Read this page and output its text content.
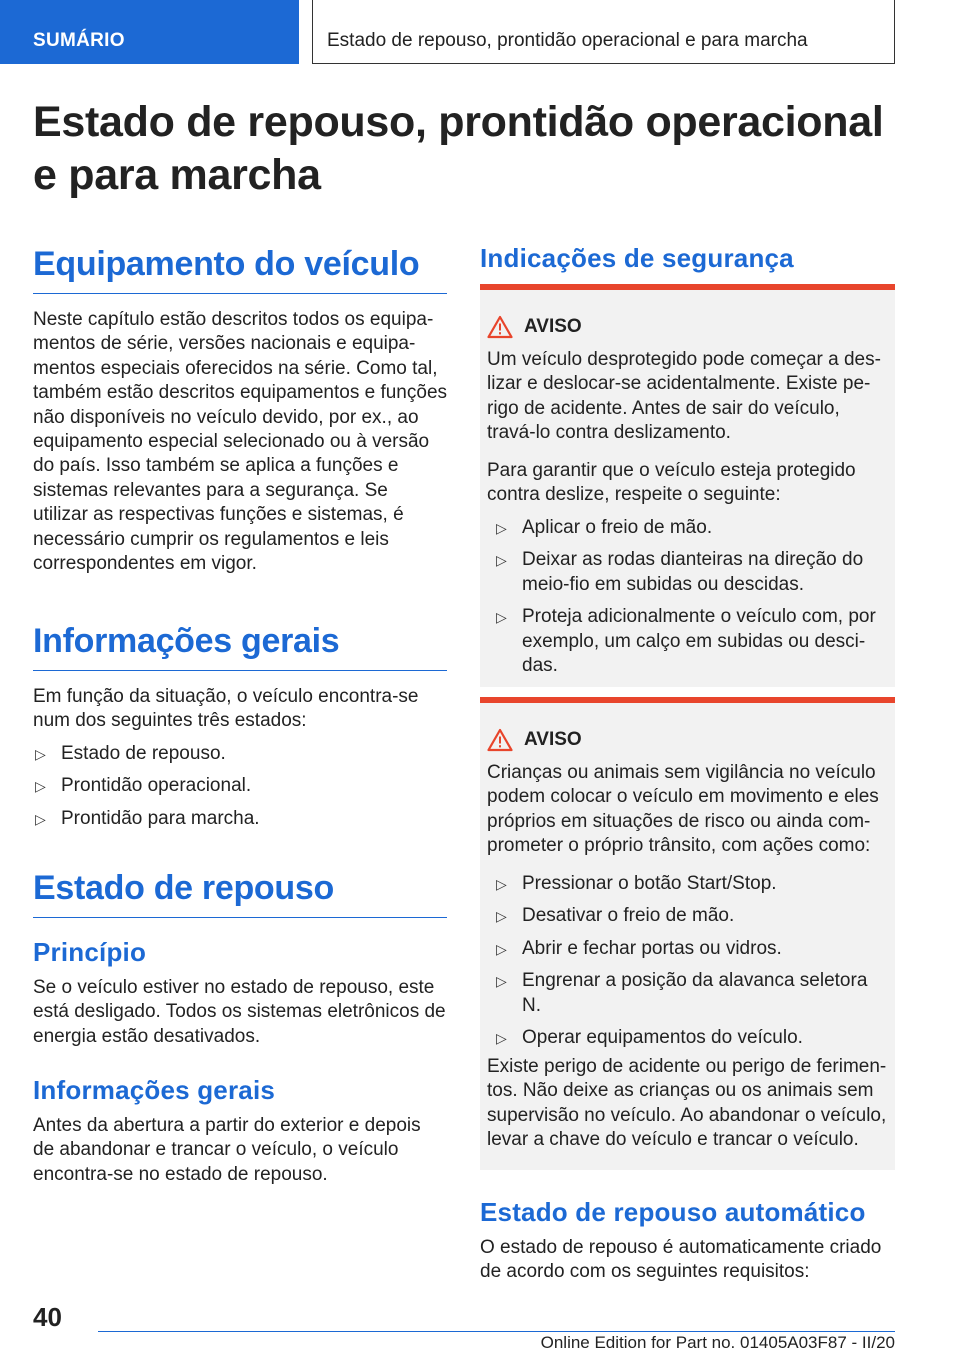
SUMÁRIO	Estado de repouso, prontidão operacional e para marcha
Estado de repouso, prontidão operacional e para marcha
Equipamento do veículo
Neste capítulo estão descritos todos os equipamentos de série, versões nacionais e equipamentos especiais oferecidos na série. Como tal, também estão descritos equipamentos e funções não disponíveis no veículo devido, por ex., ao equipamento especial selecionado ou à versão do país. Isso também se aplica a funções e sistemas relevantes para a segurança. Se utilizar as respectivas funções e sistemas, é necessário cumprir os regulamentos e leis correspondentes em vigor.
Informações gerais
Em função da situação, o veículo encontra-se num dos seguintes três estados:
▷ Estado de repouso.
▷ Prontidão operacional.
▷ Prontidão para marcha.
Estado de repouso
Princípio
Se o veículo estiver no estado de repouso, este está desligado. Todos os sistemas eletrônicos de energia estão desativados.
Informações gerais
Antes da abertura a partir do exterior e depois de abandonar e trancar o veículo, o veículo encontra-se no estado de repouso.
Indicações de segurança
AVISO
Um veículo desprotegido pode começar a deslizar e deslocar-se acidentalmente. Existe perigo de acidente. Antes de sair do veículo, travá-lo contra deslizamento.
Para garantir que o veículo esteja protegido contra deslize, respeite o seguinte:
▷ Aplicar o freio de mão.
▷ Deixar as rodas dianteiras na direção do meio-fio em subidas ou descidas.
▷ Proteja adicionalmente o veículo com, por exemplo, um calço em subidas ou descidas.
AVISO
Crianças ou animais sem vigilância no veículo podem colocar o veículo em movimento e eles próprios em situações de risco ou ainda comprometer o próprio trânsito, com ações como:
▷ Pressionar o botão Start/Stop.
▷ Desativar o freio de mão.
▷ Abrir e fechar portas ou vidros.
▷ Engrenar a posição da alavanca seletora N.
▷ Operar equipamentos do veículo.
Existe perigo de acidente ou perigo de ferimentos. Não deixe as crianças ou os animais sem supervisão no veículo. Ao abandonar o veículo, levar a chave do veículo e trancar o veículo.
Estado de repouso automático
O estado de repouso é automaticamente criado de acordo com os seguintes requisitos:
40
Online Edition for Part no. 01405A03F87 - II/20
